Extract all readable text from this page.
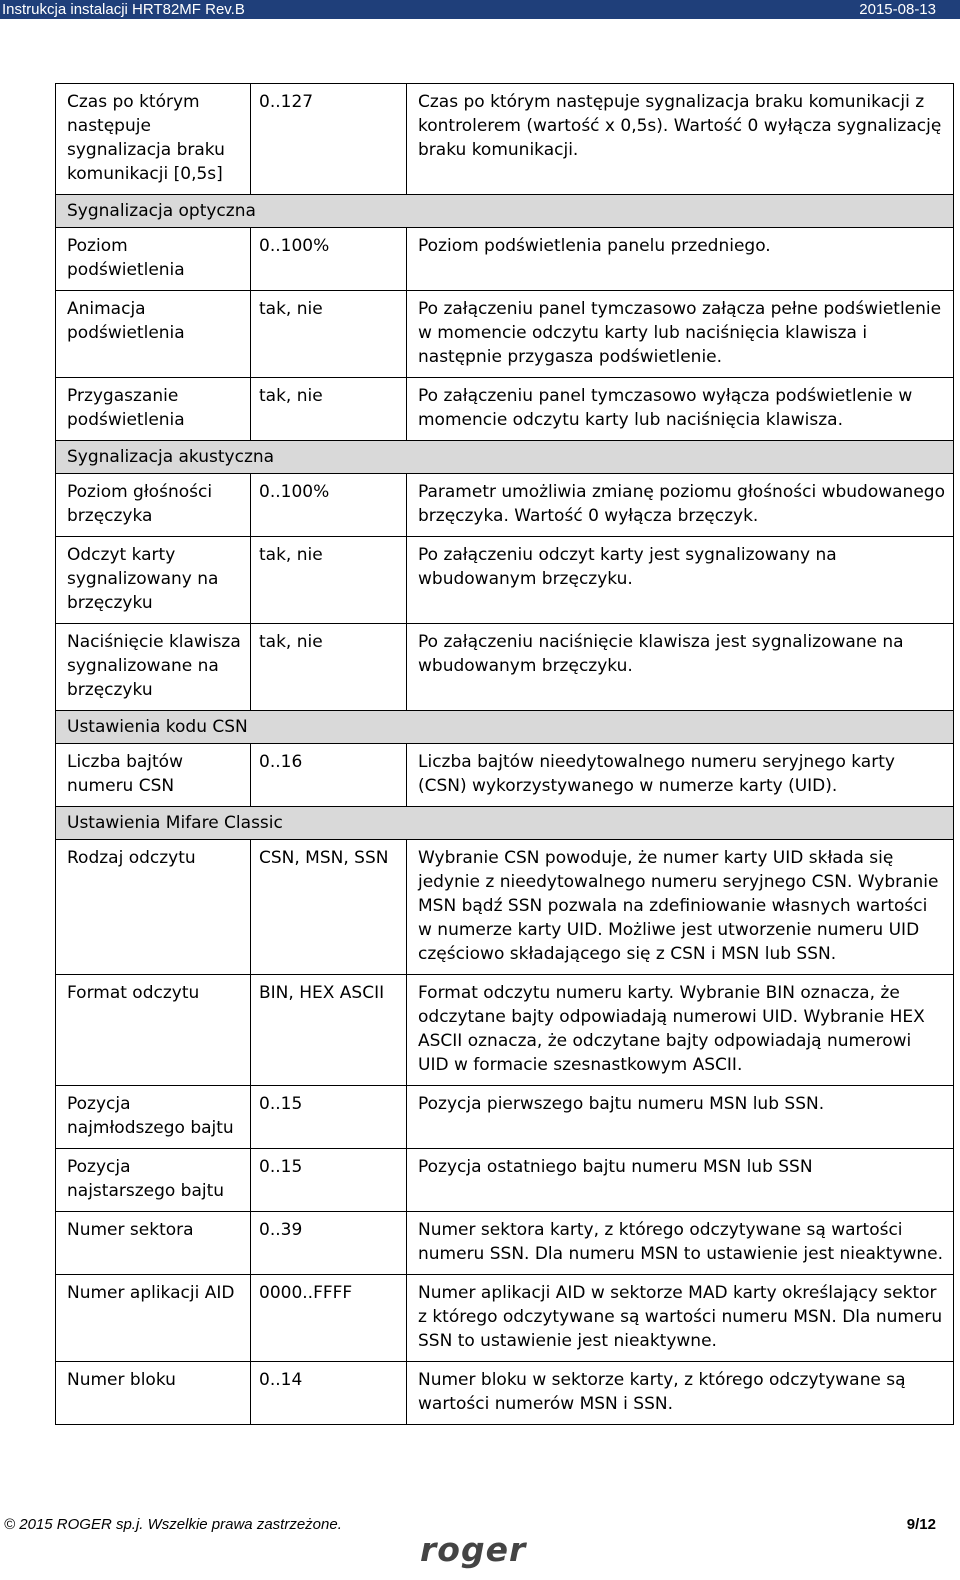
Instrukcja instalacji HRT82MF Rev.B	2015-08-13
Czas po którym następuje sygnalizacja braku komunikacji [0,5s]	0..127	Czas po którym następuje sygnalizacja braku komunikacji z kontrolerem (wartość x 0,5s). Wartość 0 wyłącza sygnalizację braku komunikacji.
Sygnalizacja optyczna		
Poziom podświetlenia	0..100%	Poziom podświetlenia panelu przedniego.
Animacja podświetlenia	tak, nie	Po załączeniu panel tymczasowo załącza pełne podświetlenie w momencie odczytu karty lub naciśnięcia klawisza i następnie przygasza podświetlenie.
Przygaszanie podświetlenia	tak, nie	Po załączeniu panel tymczasowo wyłącza podświetlenie w momencie odczytu karty lub naciśnięcia klawisza.
Sygnalizacja akustyczna		
Poziom głośności brzęczyka	0..100%	Parametr umożliwia zmianę poziomu głośności wbudowanego brzęczyka. Wartość 0 wyłącza brzęczyk.
Odczyt karty sygnalizowany na brzęczyku	tak, nie	Po załączeniu odczyt karty jest sygnalizowany na wbudowanym brzęczyku.
Naciśnięcie klawisza sygnalizowane na brzęczyku	tak, nie	Po załączeniu naciśnięcie klawisza jest sygnalizowane na wbudowanym brzęczyku.
Ustawienia kodu CSN		
Liczba bajtów numeru CSN	0..16	Liczba bajtów nieedytowalnego numeru seryjnego karty (CSN) wykorzystywanego w numerze karty (UID).
Ustawienia Mifare Classic		
Rodzaj odczytu	CSN, MSN, SSN	Wybranie CSN powoduje, że numer karty UID składa się jedynie z nieedytowalnego numeru seryjnego CSN. Wybranie MSN bądź SSN pozwala na zdefiniowanie własnych wartości w numerze karty UID. Możliwe jest utworzenie numeru UID częściowo składającego się z CSN i MSN lub SSN.
Format odczytu	BIN, HEX ASCII	Format odczytu numeru karty. Wybranie BIN oznacza, że odczytane bajty odpowiadają numerowi UID. Wybranie HEX ASCII oznacza, że odczytane bajty odpowiadają numerowi UID w formacie szesnastkowym ASCII.
Pozycja najmłodszego bajtu	0..15	Pozycja pierwszego bajtu numeru MSN lub SSN.
Pozycja najstarszego bajtu	0..15	Pozycja ostatniego bajtu numeru MSN lub SSN
Numer sektora	0..39	Numer sektora karty, z którego odczytywane są wartości numeru SSN. Dla numeru MSN to ustawienie jest nieaktywne.
Numer aplikacji AID	0000..FFFF	Numer aplikacji AID w sektorze MAD karty określający sektor z którego odczytywane są wartości numeru MSN. Dla numeru SSN to ustawienie jest nieaktywne.
Numer bloku	0..14	Numer bloku w sektorze karty, z którego odczytywane są wartości numerów MSN i SSN.
© 2015 ROGER sp.j. Wszelkie prawa zastrzeżone.	9/12
roger
